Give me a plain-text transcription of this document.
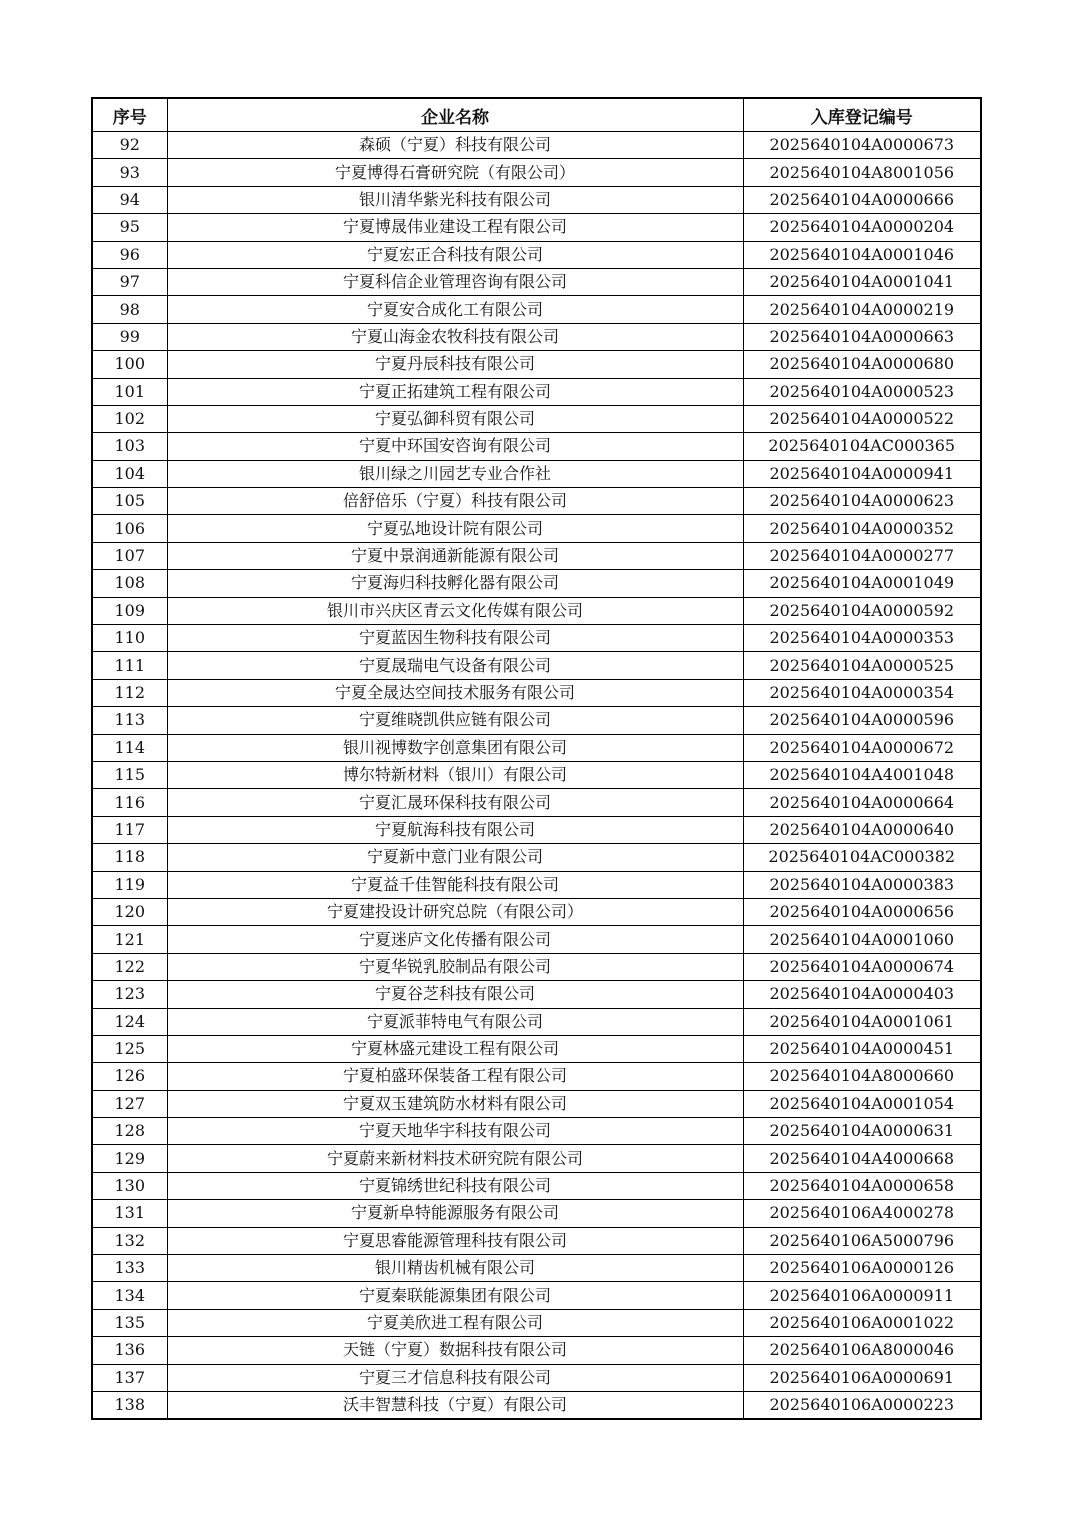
序号	企业名称	入库登记编号
92	森硕（宁夏）科技有限公司	2025640104A0000673
93	宁夏博得石膏研究院（有限公司）	2025640104A8001056
94	银川清华紫光科技有限公司	2025640104A0000666
95	宁夏博晟伟业建设工程有限公司	2025640104A0000204
96	宁夏宏正合科技有限公司	2025640104A0001046
97	宁夏科信企业管理咨询有限公司	2025640104A0001041
98	宁夏安合成化工有限公司	2025640104A0000219
99	宁夏山海金农牧科技有限公司	2025640104A0000663
100	宁夏丹辰科技有限公司	2025640104A0000680
101	宁夏正拓建筑工程有限公司	2025640104A0000523
102	宁夏弘御科贸有限公司	2025640104A0000522
103	宁夏中环国安咨询有限公司	2025640104AC000365
104	银川绿之川园艺专业合作社	2025640104A0000941
105	倍舒倍乐（宁夏）科技有限公司	2025640104A0000623
106	宁夏弘地设计院有限公司	2025640104A0000352
107	宁夏中景润通新能源有限公司	2025640104A0000277
108	宁夏海归科技孵化器有限公司	2025640104A0001049
109	银川市兴庆区青云文化传媒有限公司	2025640104A0000592
110	宁夏蓝因生物科技有限公司	2025640104A0000353
111	宁夏晟瑞电气设备有限公司	2025640104A0000525
112	宁夏全晟达空间技术服务有限公司	2025640104A0000354
113	宁夏维晓凯供应链有限公司	2025640104A0000596
114	银川视博数字创意集团有限公司	2025640104A0000672
115	博尔特新材料（银川）有限公司	2025640104A4001048
116	宁夏汇晟环保科技有限公司	2025640104A0000664
117	宁夏航海科技有限公司	2025640104A0000640
118	宁夏新中意门业有限公司	2025640104AC000382
119	宁夏益千佳智能科技有限公司	2025640104A0000383
120	宁夏建投设计研究总院（有限公司）	2025640104A0000656
121	宁夏迷庐文化传播有限公司	2025640104A0001060
122	宁夏华锐乳胶制品有限公司	2025640104A0000674
123	宁夏谷芝科技有限公司	2025640104A0000403
124	宁夏派菲特电气有限公司	2025640104A0001061
125	宁夏林盛元建设工程有限公司	2025640104A0000451
126	宁夏柏盛环保装备工程有限公司	2025640104A8000660
127	宁夏双玉建筑防水材料有限公司	2025640104A0001054
128	宁夏天地华宇科技有限公司	2025640104A0000631
129	宁夏蔚来新材料技术研究院有限公司	2025640104A4000668
130	宁夏锦绣世纪科技有限公司	2025640104A0000658
131	宁夏新阜特能源服务有限公司	2025640106A4000278
132	宁夏思睿能源管理科技有限公司	2025640106A5000796
133	银川精齿机械有限公司	2025640106A0000126
134	宁夏秦联能源集团有限公司	2025640106A0000911
135	宁夏美欣进工程有限公司	2025640106A0001022
136	天链（宁夏）数据科技有限公司	2025640106A8000046
137	宁夏三才信息科技有限公司	2025640106A0000691
138	沃丰智慧科技（宁夏）有限公司	2025640106A0000223
